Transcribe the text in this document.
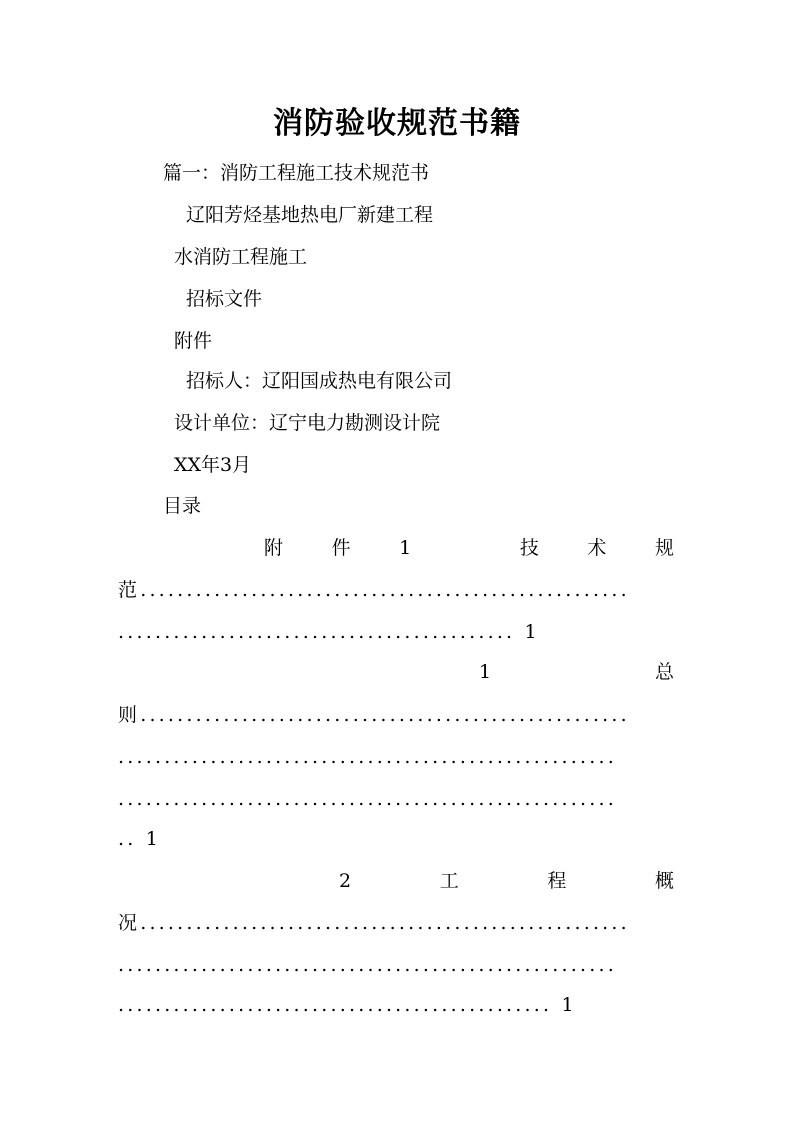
消防验收规范书籍

篇一：消防工程施工技术规范书

辽阳芳烃基地热电厂新建工程

水消防工程施工

招标文件

附件

招标人：辽阳国成热电有限公司

设计单位：辽宁电力勘测设计院

XX年3月

目录

附	件	1	技	术	规

范.....................................................

........................................... 1

1	总

则.....................................................

......................................................

......................................................

.. 1

2	工	程	概

况.....................................................

......................................................

............................................... 1
